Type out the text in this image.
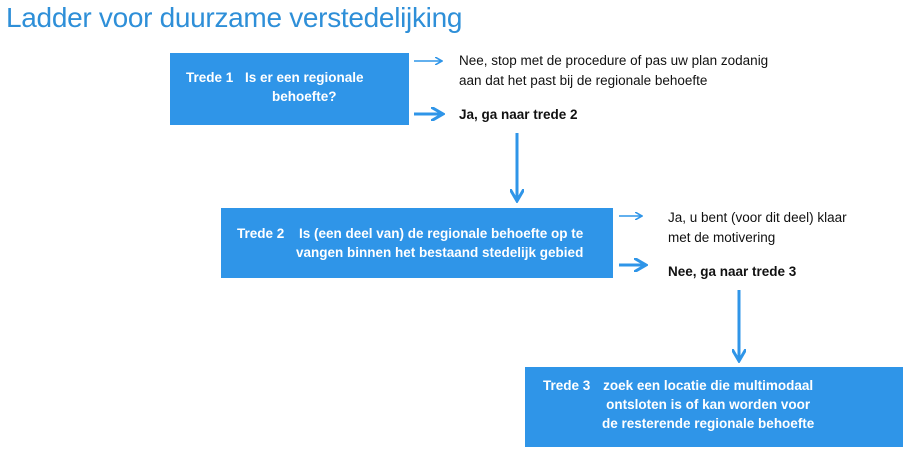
Ladder voor duurzame verstedelijking
Trede 1 Is er een regionale
behoefte?
Nee, stop met de procedure of pas uw plan zodanig
aan dat het past bij de regionale behoefte
Ja, ga naar trede 2
Trede 2 Is (een deel van) de regionale behoefte op te
vangen binnen het bestaand stedelijk gebied
Ja, u bent (voor dit deel) klaar
met de motivering
Nee, ga naar trede 3
Trede 3 zoek een locatie die multimodaal
ontsloten is of kan worden voor
de resterende regionale behoefte
